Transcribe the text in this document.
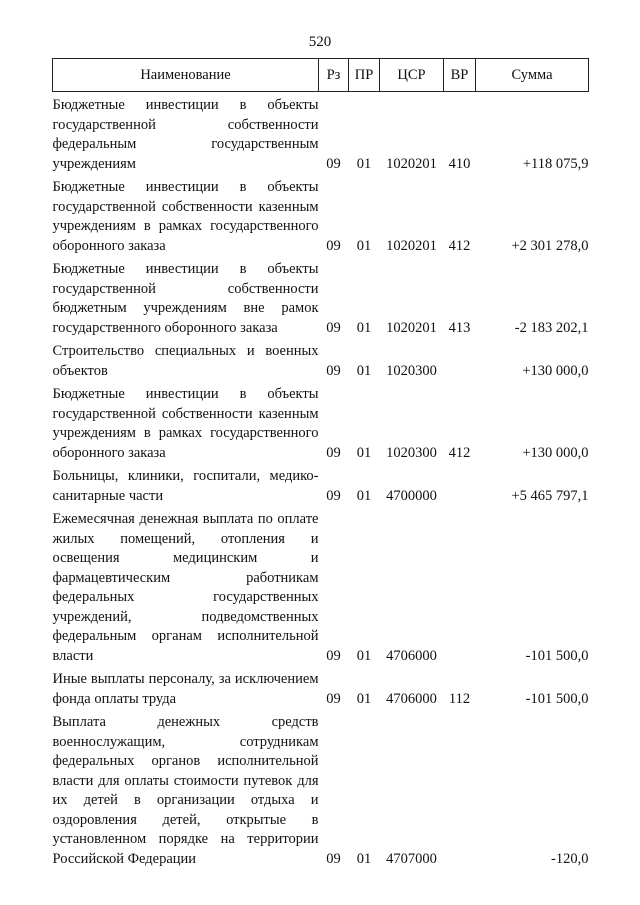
520
Наименование	Рз	ПР	ЦСР	ВР	Сумма
Бюджетные инвестиции в объекты государственной собственности федеральным государственным учреждениям	09	01	1020201	410	+118 075,9
Бюджетные инвестиции в объекты государственной собственности казенным учреждениям в рамках государственного оборонного заказа	09	01	1020201	412	+2 301 278,0
Бюджетные инвестиции в объекты государственной собственности бюджетным учреждениям вне рамок государственного оборонного заказа	09	01	1020201	413	-2 183 202,1
Строительство специальных и военных объектов	09	01	1020300		+130 000,0
Бюджетные инвестиции в объекты государственной собственности казенным учреждениям в рамках государственного оборонного заказа	09	01	1020300	412	+130 000,0
Больницы, клиники, госпитали, медико-санитарные части	09	01	4700000		+5 465 797,1
Ежемесячная денежная выплата по оплате жилых помещений, отопления и освещения медицинским и фармацевтическим работникам федеральных государственных учреждений, подведомственных федеральным органам исполнительной власти	09	01	4706000		-101 500,0
Иные выплаты персоналу, за исключением фонда оплаты труда	09	01	4706000	112	-101 500,0
Выплата денежных средств военнослужащим, сотрудникам федеральных органов исполнительной власти для оплаты стоимости путевок для их детей в организации отдыха и оздоровления детей, открытые в установленном порядке на территории Российской Федерации	09	01	4707000		-120,0
